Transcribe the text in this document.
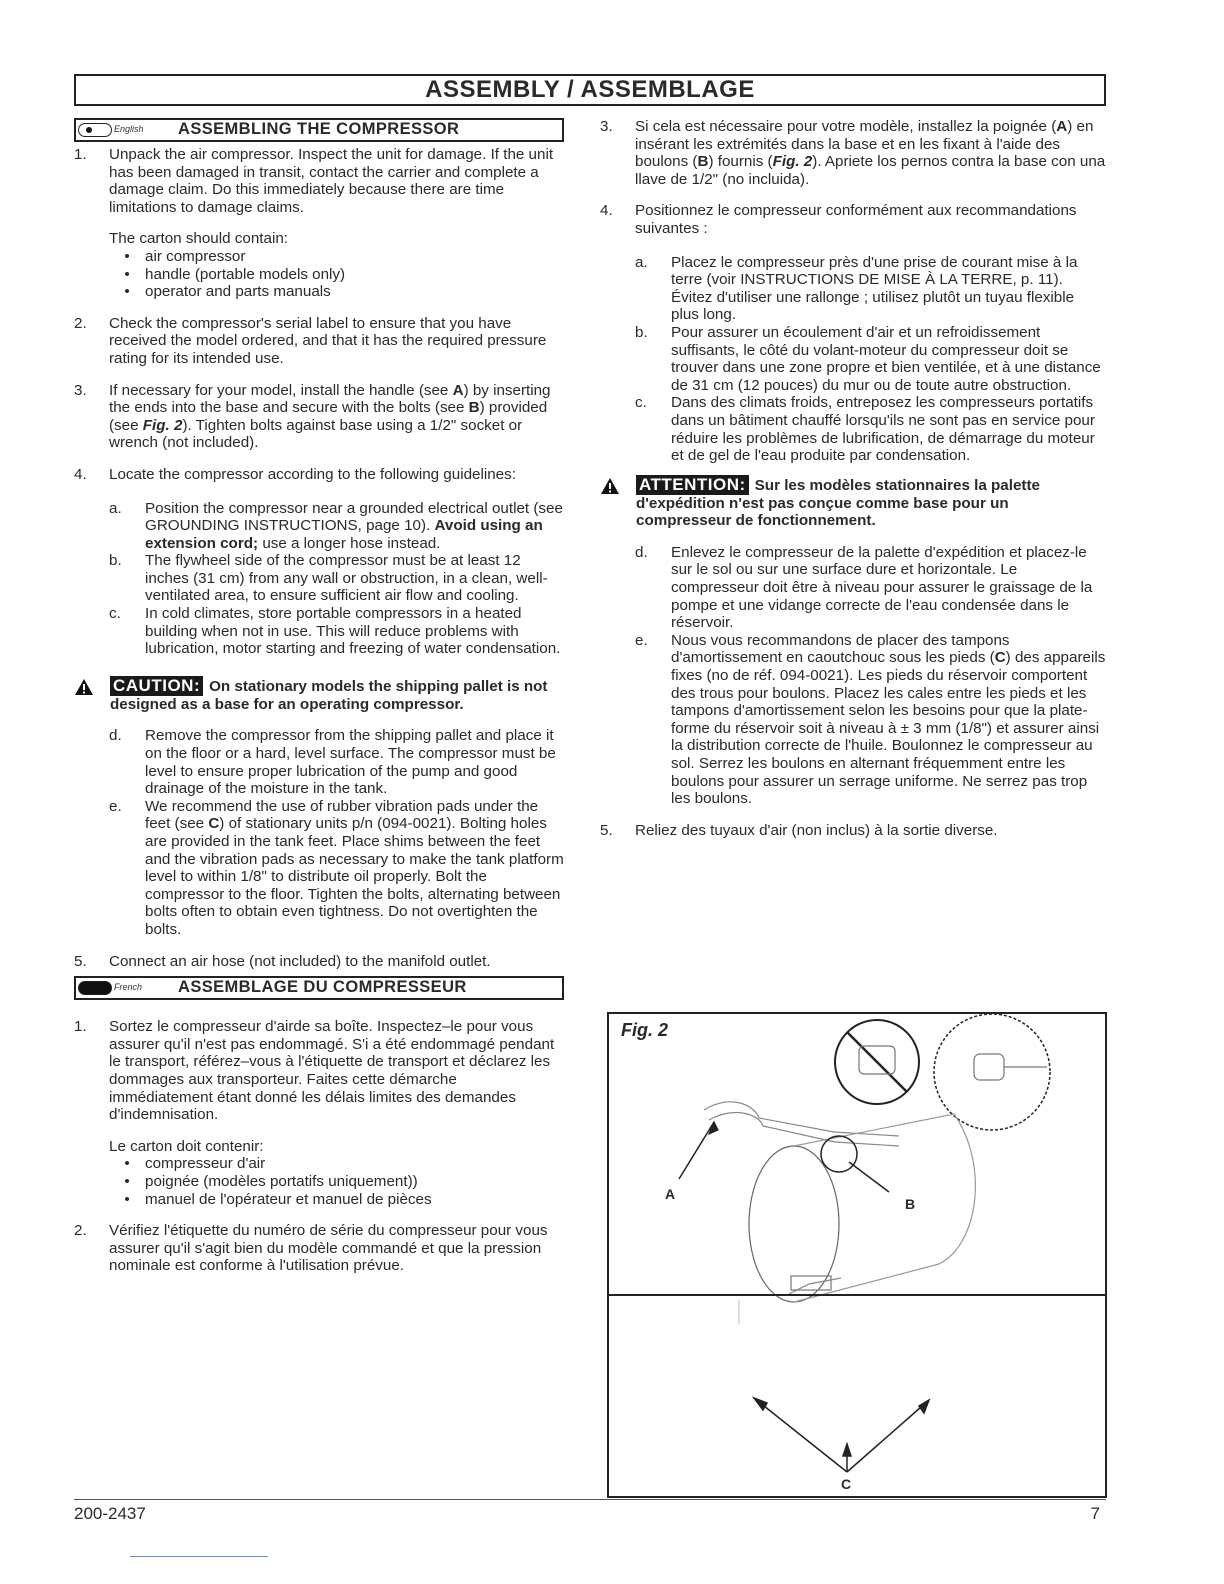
ASSEMBLY / ASSEMBLAGE
English ASSEMBLING THE COMPRESSOR
1.	Unpack the air compressor. Inspect the unit for damage. If the unit has been damaged in transit, contact the carrier and complete a damage claim. Do this immediately because there are time limitations to damage claims.
The carton should contain:
•	air compressor
•	handle (portable models only)
•	operator and parts manuals
2.	Check the compressor's serial label to ensure that you have received the model ordered, and that it has the required pressure rating for its intended use.
3.	If necessary for your model, install the handle (see A) by inserting the ends into the base and secure with the bolts (see B) provided (see Fig. 2). Tighten bolts against base using a 1/2" socket or wrench (not included).
4.	Locate the compressor according to the following guidelines:
a.	Position the compressor near a grounded electrical outlet (see GROUNDING INSTRUCTIONS, page 10). Avoid using an extension cord; use a longer hose instead.
b.	The flywheel side of the compressor must be at least 12 inches (31 cm) from any wall or obstruction, in a clean, well-ventilated area, to ensure sufficient air flow and cooling.
c.	In cold climates, store portable compressors in a heated building when not in use. This will reduce problems with lubrication, motor starting and freezing of water condensation.
CAUTION: On stationary models the shipping pallet is not designed as a base for an operating compressor.
d.	Remove the compressor from the shipping pallet and place it on the floor or a hard, level surface. The compressor must be level to ensure proper lubrication of the pump and good drainage of the moisture in the tank.
e.	We recommend the use of rubber vibration pads under the feet (see C) of stationary units p/n (094-0021). Bolting holes are provided in the tank feet. Place shims between the feet and the vibration pads as necessary to make the tank platform level to within 1/8" to distribute oil properly. Bolt the compressor to the floor. Tighten the bolts, alternating between bolts often to obtain even tightness. Do not overtighten the bolts.
5.	Connect an air hose (not included) to the manifold outlet.
French ASSEMBLAGE DU COMPRESSEUR
1.	Sortez le compresseur d'airde sa boîte. Inspectez–le pour vous assurer qu'il n'est pas endommagé. S'i a été endommagé pendant le transport, référez–vous à l'étiquette de transport et déclarez les dommages aux transporteur. Faites cette démarche immédiatement étant donné les délais limites des demandes d'indemnisation.
Le carton doit contenir:
•	compresseur d'air
•	poignée (modèles portatifs uniquement))
•	manuel de l'opérateur et manuel de pièces
2.	Vérifiez l'étiquette du numéro de série du compresseur pour vous assurer qu'il s'agit bien du modèle commandé et que la pression nominale est conforme à l'utilisation prévue.
3.	Si cela est nécessaire pour votre modèle, installez la poignée (A) en insérant les extrémités dans la base et en les fixant à l'aide des boulons (B) fournis (Fig. 2). Apriete los pernos contra la base con una llave de 1/2" (no incluida).
4.	Positionnez le compresseur conformément aux recommandations suivantes :
a.	Placez le compresseur près d'une prise de courant mise à la terre (voir INSTRUCTIONS DE MISE À LA TERRE, p. 11). Évitez d'utiliser une rallonge ; utilisez plutôt un tuyau flexible plus long.
b.	Pour assurer un écoulement d'air et un refroidissement suffisants, le côté du volant-moteur du compresseur doit se trouver dans une zone propre et bien ventilée, et à une distance de 31 cm (12 pouces) du mur ou de toute autre obstruction.
c.	Dans des climats froids, entreposez les compresseurs portatifs dans un bâtiment chauffé lorsqu'ils ne sont pas en service pour réduire les problèmes de lubrification, de démarrage du moteur et de gel de l'eau produite par condensation.
ATTENTION: Sur les modèles stationnaires la palette d'expédition n'est pas conçue comme base pour un compresseur de fonctionnement.
d.	Enlevez le compresseur de la palette d'expédition et placez-le sur le sol ou sur une surface dure et horizontale. Le compresseur doit être à niveau pour assurer le graissage de la pompe et une vidange correcte de l'eau condensée dans le réservoir.
e.	Nous vous recommandons de placer des tampons d'amortissement en caoutchouc sous les pieds (C) des appareils fixes (no de réf. 094-0021). Les pieds du réservoir comportent des trous pour boulons. Placez les cales entre les pieds et les tampons d'amortissement selon les besoins pour que la plate-forme du réservoir soit à niveau à ± 3 mm (1/8") et assurer ainsi la distribution correcte de l'huile. Boulonnez le compresseur au sol. Serrez les boulons en alternant fréquemment entre les boulons pour assurer un serrage uniforme. Ne serrez pas trop les boulons.
5.	Reliez des tuyaux d'air (non inclus) à la sortie diverse.
Fig. 2
A
B
C
200-2437	7
